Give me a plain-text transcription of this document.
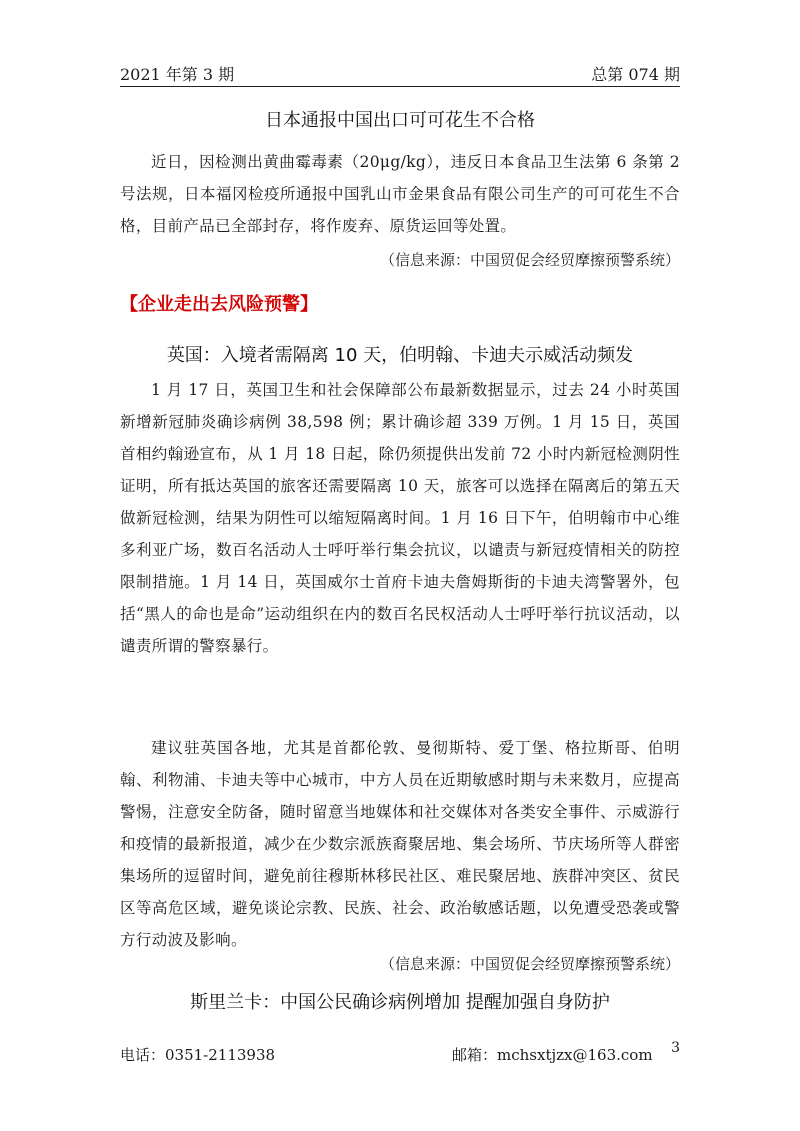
2021 年第 3 期	总第 074 期
日本通报中国出口可可花生不合格
近日，因检测出黄曲霉毒素（20μg/kg），违反日本食品卫生法第 6 条第 2 号法规，日本福冈检疫所通报中国乳山市金果食品有限公司生产的可可花生不合格，目前产品已全部封存，将作废弃、原货运回等处置。
（信息来源：中国贸促会经贸摩擦预警系统）
【企业走出去风险预警】
英国：入境者需隔离 10 天，伯明翰、卡迪夫示威活动频发
1 月 17 日，英国卫生和社会保障部公布最新数据显示，过去 24 小时英国新增新冠肺炎确诊病例 38,598 例；累计确诊超 339 万例。1 月 15 日，英国首相约翰逊宣布，从 1 月 18 日起，除仍须提供出发前 72 小时内新冠检测阴性证明，所有抵达英国的旅客还需要隔离 10 天，旅客可以选择在隔离后的第五天做新冠检测，结果为阴性可以缩短隔离时间。1 月 16 日下午，伯明翰市中心维多利亚广场，数百名活动人士呼吁举行集会抗议，以谴责与新冠疫情相关的防控限制措施。1 月 14 日，英国威尔士首府卡迪夫詹姆斯街的卡迪夫湾警署外，包括“黑人的命也是命”运动组织在内的数百名民权活动人士呼吁举行抗议活动，以谴责所谓的警察暴行。
建议驻英国各地，尤其是首都伦敦、曼彻斯特、爱丁堡、格拉斯哥、伯明翰、利物浦、卡迪夫等中心城市，中方人员在近期敏感时期与未来数月，应提高警惕，注意安全防备，随时留意当地媒体和社交媒体对各类安全事件、示威游行和疫情的最新报道，减少在少数宗派族裔聚居地、集会场所、节庆场所等人群密集场所的逗留时间，避免前往穆斯林移民社区、难民聚居地、族群冲突区、贫民区等高危区域，避免谈论宗教、民族、社会、政治敏感话题，以免遭受恐袭或警方行动波及影响。
（信息来源：中国贸促会经贸摩擦预警系统）
斯里兰卡：中国公民确诊病例增加 提醒加强自身防护
电话：0351-2113938	邮箱：mchsxtjzx@163.com 3
